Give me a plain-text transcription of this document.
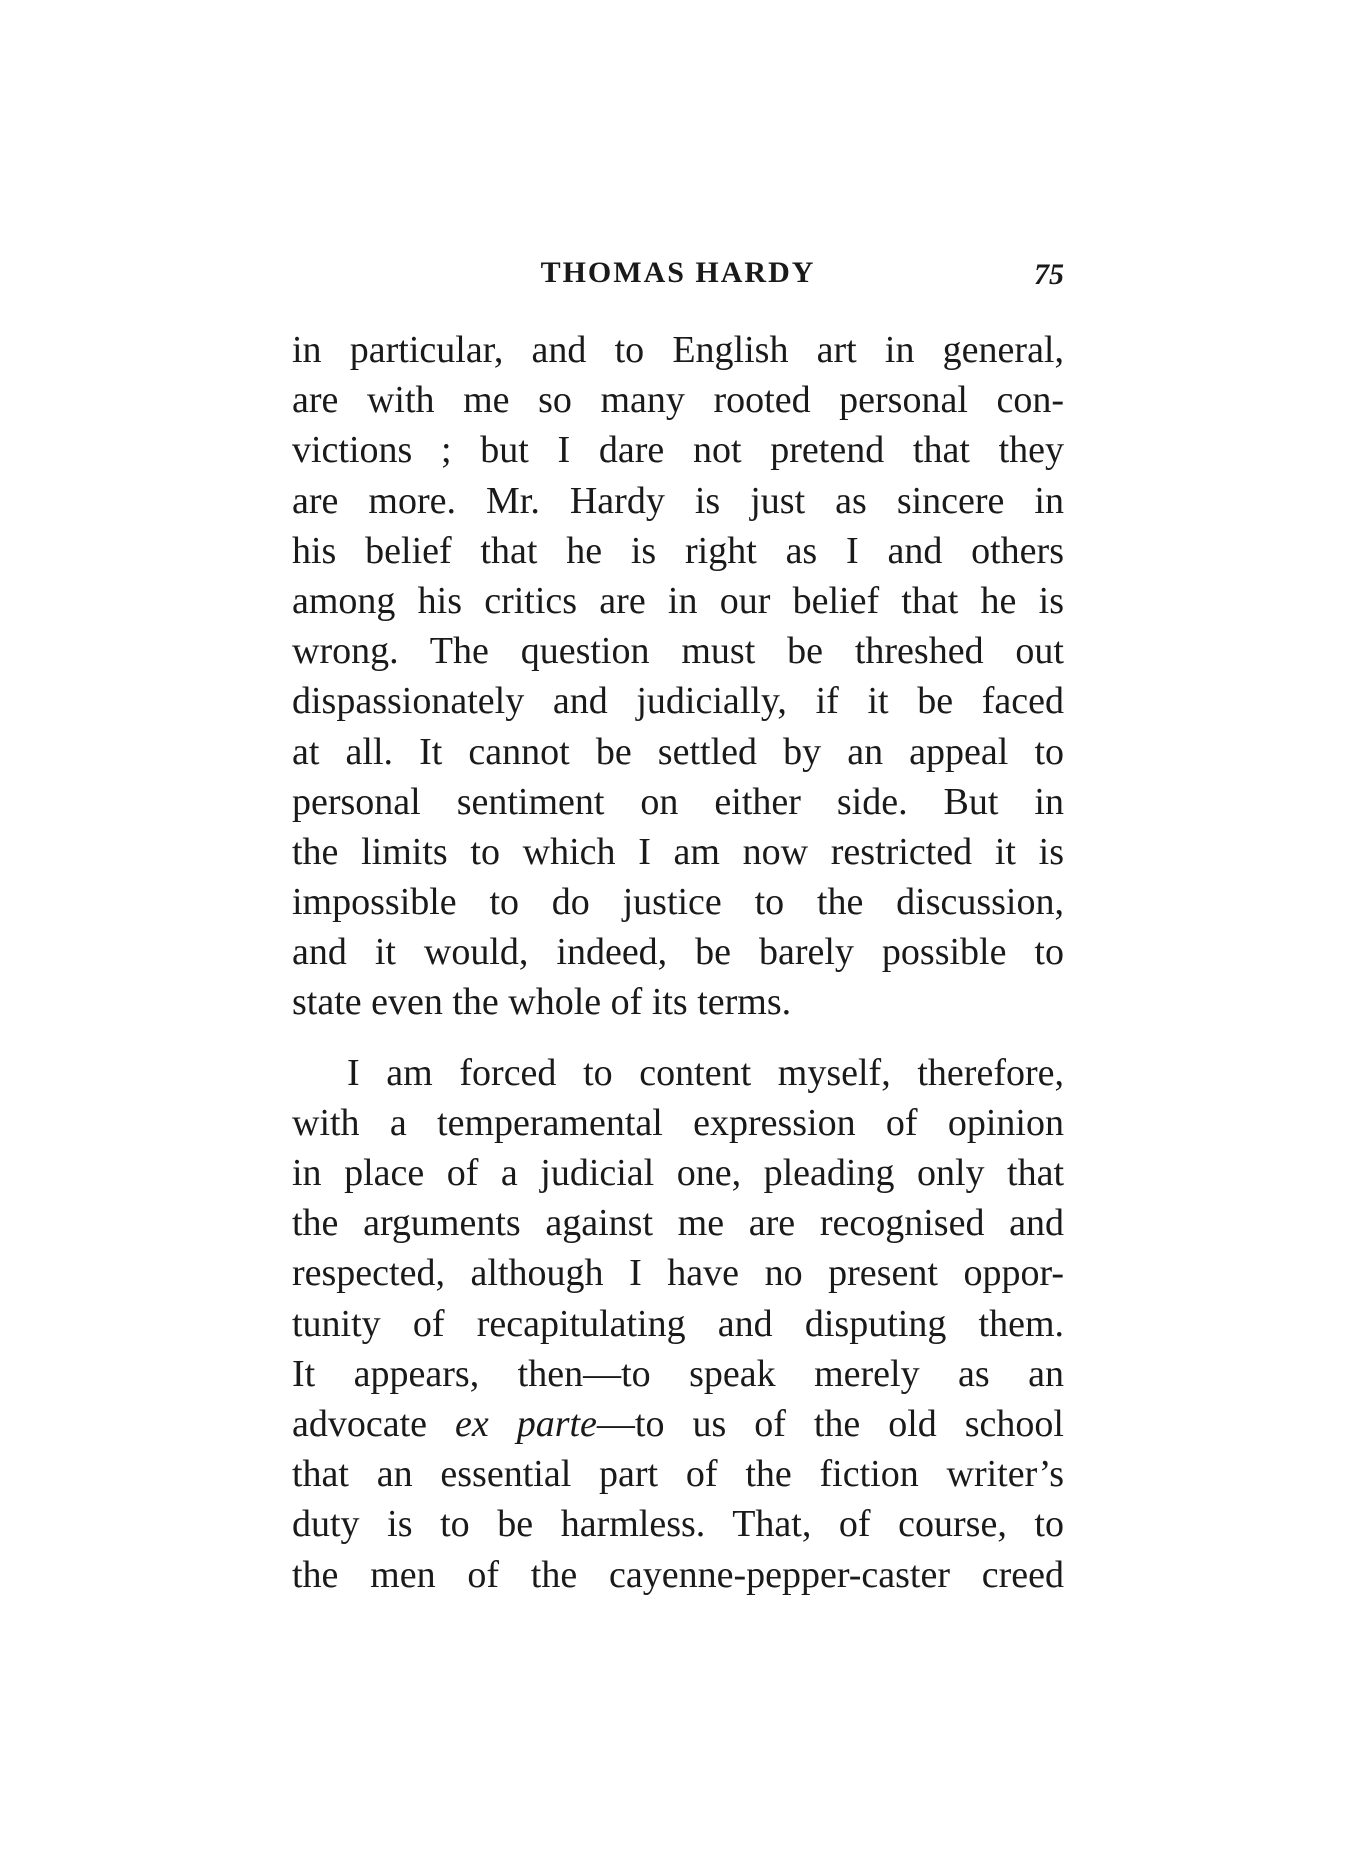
THOMAS HARDY	75
in particular, and to English art in general,
are with me so many rooted personal con-
victions ; but I dare not pretend that they
are more. Mr. Hardy is just as sincere in
his belief that he is right as I and others
among his critics are in our belief that he is
wrong. The question must be threshed out
dispassionately and judicially, if it be faced
at all. It cannot be settled by an appeal to
personal sentiment on either side. But in
the limits to which I am now restricted it is
impossible to do justice to the discussion,
and it would, indeed, be barely possible to
state even the whole of its terms.
I am forced to content myself, therefore,
with a temperamental expression of opinion
in place of a judicial one, pleading only that
the arguments against me are recognised and
respected, although I have no present oppor-
tunity of recapitulating and disputing them.
It appears, then—to speak merely as an
advocate ex parte—to us of the old school
that an essential part of the fiction writer’s
duty is to be harmless. That, of course, to
the men of the cayenne-pepper-caster creed
